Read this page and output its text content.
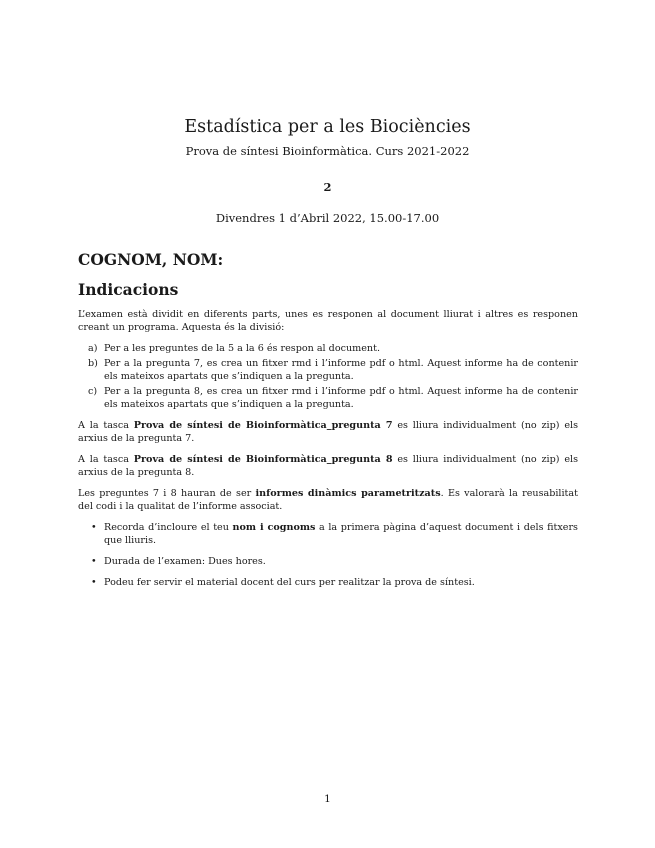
Estadística per a les Biociències
Prova de síntesi Bioinformàtica. Curs 2021-2022
2
Divendres 1 d’Abril 2022, 15.00-17.00
COGNOM, NOM:
Indicacions

L’examen està dividit en diferents parts, unes es responen al document lliurat i altres es responen creant un programa. Aquesta és la divisió:

a) Per a les preguntes de la 5 a la 6 és respon al document.
b) Per a la pregunta 7, es crea un fitxer rmd i l’informe pdf o html. Aquest informe ha de contenir els mateixos apartats que s’indiquen a la pregunta.
c) Per a la pregunta 8, es crea un fitxer rmd i l’informe pdf o html. Aquest informe ha de contenir els mateixos apartats que s’indiquen a la pregunta.

A la tasca Prova de síntesi de Bioinformàtica_pregunta 7 es lliura individualment (no zip) els arxius de la pregunta 7.

A la tasca Prova de síntesi de Bioinformàtica_pregunta 8 es lliura individualment (no zip) els arxius de la pregunta 8.

Les preguntes 7 i 8 hauran de ser informes dinàmics parametritzats. Es valorarà la reusabilitat del codi i la qualitat de l’informe associat.

• Recorda d’incloure el teu nom i cognoms a la primera pàgina d’aquest document i dels fitxers que lliuris.
• Durada de l’examen: Dues hores.
• Podeu fer servir el material docent del curs per realitzar la prova de síntesi.
1
